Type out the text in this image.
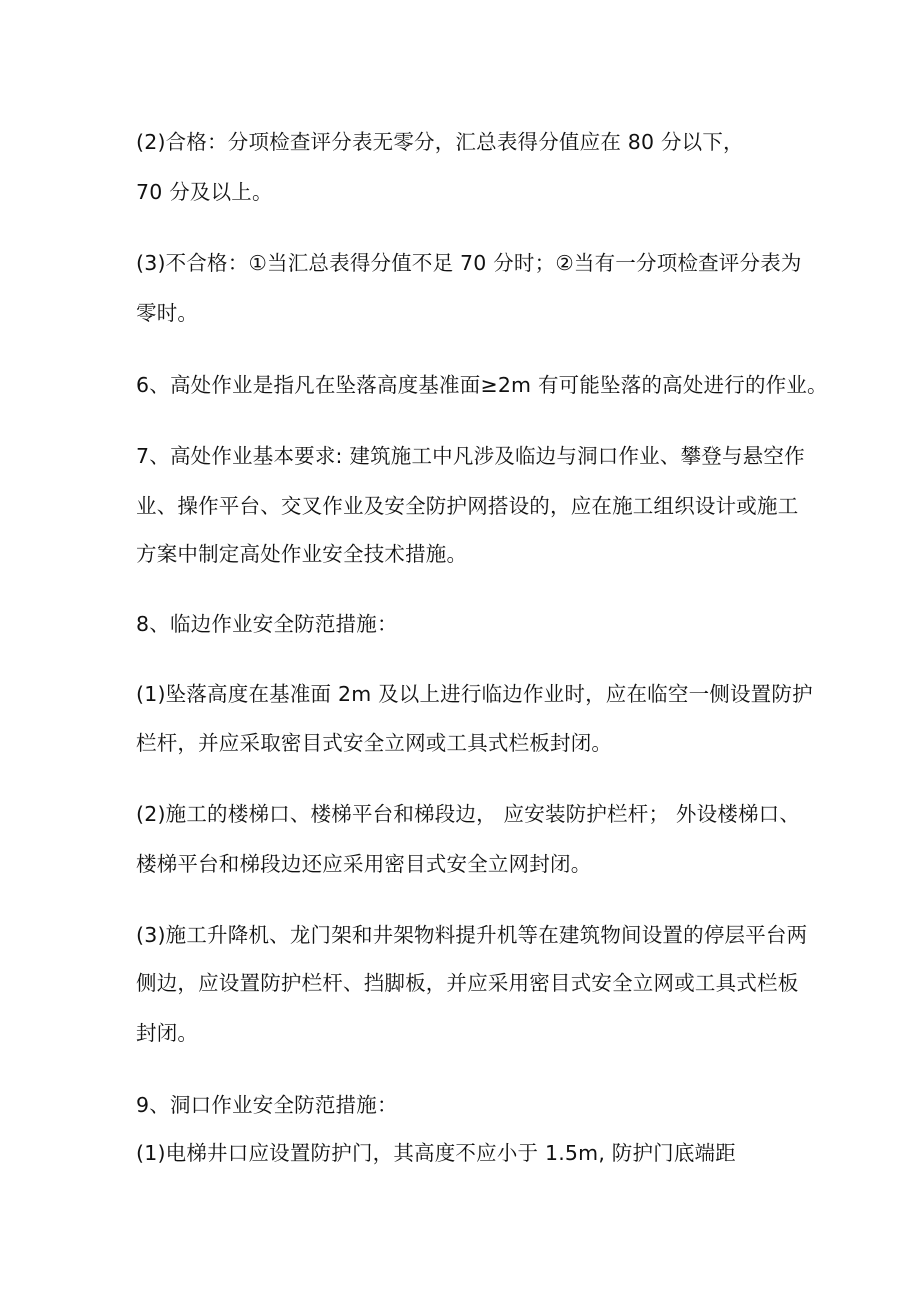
(2)合格：分项检查评分表无零分，汇总表得分值应在 80 分以下，
70 分及以上。
(3)不合格：①当汇总表得分值不足 70 分时；②当有一分项检查评分表为
零时。
6、高处作业是指凡在坠落高度基准面≥2m 有可能坠落的高处进行的作业。
7、高处作业基本要求: 建筑施工中凡涉及临边与洞口作业、攀登与悬空作
业、操作平台、交叉作业及安全防护网搭设的，应在施工组织设计或施工
方案中制定高处作业安全技术措施。
8、临边作业安全防范措施：
(1)坠落高度在基准面 2m 及以上进行临边作业时，应在临空一侧设置防护
栏杆，并应采取密目式安全立网或工具式栏板封闭。
(2)施工的楼梯口、楼梯平台和梯段边， 应安装防护栏杆； 外设楼梯口、
楼梯平台和梯段边还应采用密目式安全立网封闭。
(3)施工升降机、龙门架和井架物料提升机等在建筑物间设置的停层平台两
侧边，应设置防护栏杆、挡脚板，并应采用密目式安全立网或工具式栏板
封闭。
9、洞口作业安全防范措施：
(1)电梯井口应设置防护门，其高度不应小于 1.5m, 防护门底端距
